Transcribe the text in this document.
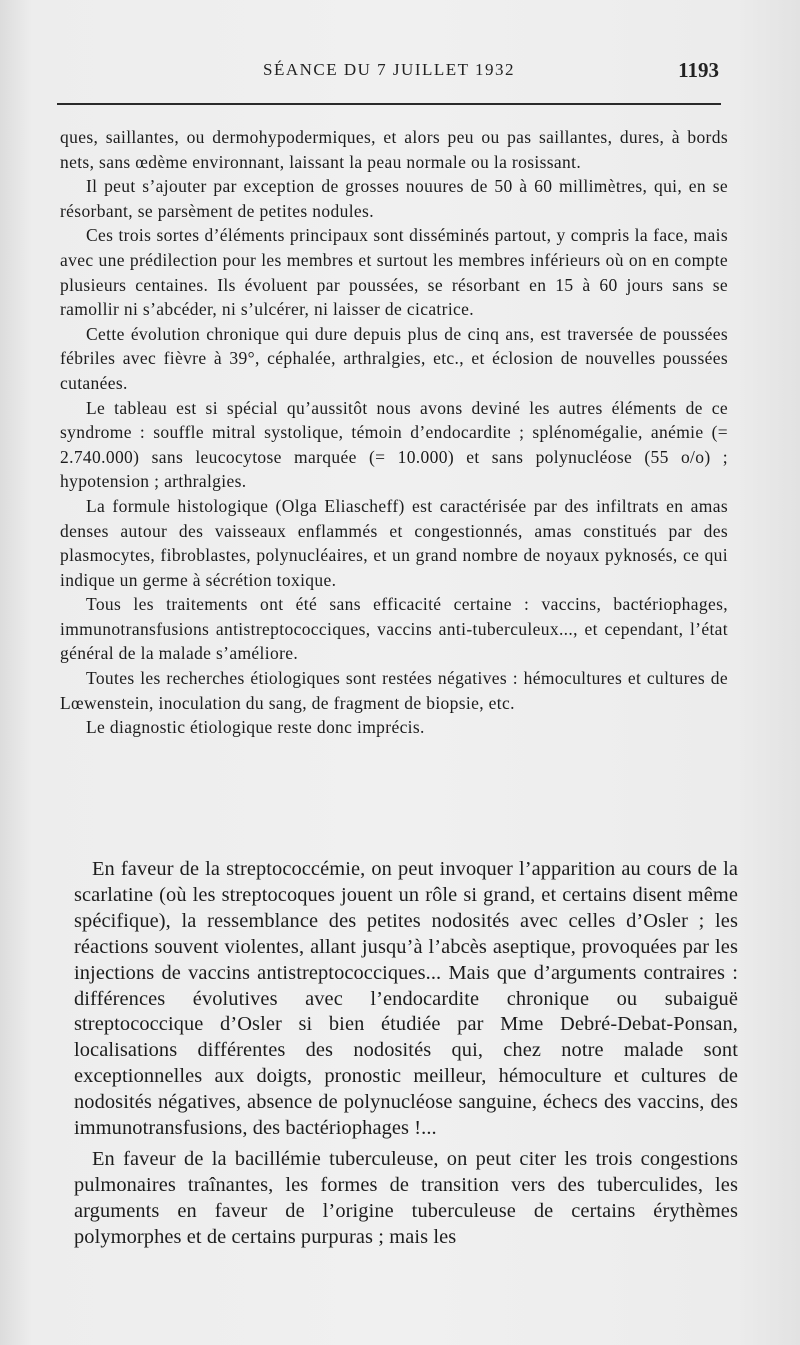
SÉANCE DU 7 JUILLET 1932	1193

ques, saillantes, ou dermohypodermiques, et alors peu ou pas saillantes, dures, à bords nets, sans œdème environnant, laissant la peau normale ou la rosissant.

Il peut s’ajouter par exception de grosses nouures de 50 à 60 millimètres, qui, en se résorbant, se parsèment de petites nodules.

Ces trois sortes d’éléments principaux sont disséminés partout, y compris la face, mais avec une prédilection pour les membres et surtout les membres inférieurs où on en compte plusieurs centaines. Ils évoluent par poussées, se résorbant en 15 à 60 jours sans se ramollir ni s’abcéder, ni s’ulcérer, ni laisser de cicatrice.

Cette évolution chronique qui dure depuis plus de cinq ans, est traversée de poussées fébriles avec fièvre à 39°, céphalée, arthralgies, etc., et éclosion de nouvelles poussées cutanées.

Le tableau est si spécial qu’aussitôt nous avons deviné les autres éléments de ce syndrome : souffle mitral systolique, témoin d’endocardite ; splénomégalie, anémie (= 2.740.000) sans leucocytose marquée (= 10.000) et sans polynucléose (55 o/o) ; hypotension ; arthralgies.

La formule histologique (Olga Eliascheff) est caractérisée par des infiltrats en amas denses autour des vaisseaux enflammés et congestionnés, amas constitués par des plasmocytes, fibroblastes, polynucléaires, et un grand nombre de noyaux pyknosés, ce qui indique un germe à sécrétion toxique.

Tous les traitements ont été sans efficacité certaine : vaccins, bactériophages, immunotransfusions antistreptococciques, vaccins anti-tuberculeux..., et cependant, l’état général de la malade s’améliore.

Toutes les recherches étiologiques sont restées négatives : hémocultures et cultures de Lœwenstein, inoculation du sang, de fragment de biopsie, etc.

Le diagnostic étiologique reste donc imprécis.

En faveur de la streptococcémie, on peut invoquer l’apparition au cours de la scarlatine (où les streptocoques jouent un rôle si grand, et certains disent même spécifique), la ressemblance des petites nodosités avec celles d’Osler ; les réactions souvent violentes, allant jusqu’à l’abcès aseptique, provoquées par les injections de vaccins antistreptococciques... Mais que d’arguments contraires : différences évolutives avec l’endocardite chronique ou subaiguë streptococcique d’Osler si bien étudiée par Mme Debré-Debat-Ponsan, localisations différentes des nodosités qui, chez notre malade sont exceptionnelles aux doigts, pronostic meilleur, hémoculture et cultures de nodosités négatives, absence de polynucléose sanguine, échecs des vaccins, des immunotransfusions, des bactériophages !...

En faveur de la bacillémie tuberculeuse, on peut citer les trois congestions pulmonaires traînantes, les formes de transition vers des tuberculides, les arguments en faveur de l’origine tuberculeuse de certains érythèmes polymorphes et de certains purpuras ; mais les
